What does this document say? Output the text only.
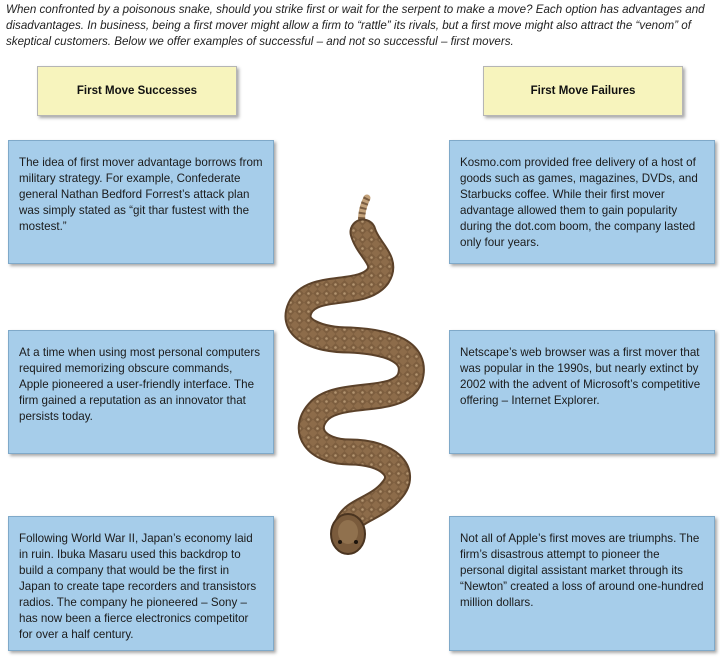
When confronted by a poisonous snake, should you strike first or wait for the serpent to make a move? Each option has advantages and disadvantages. In business, being a first mover might allow a firm to “rattle” its rivals, but a first move might also attract the “venom” of skeptical customers. Below we offer examples of successful – and not so successful – first movers.
First Move Successes	First Move Failures
The idea of first mover advantage borrows from military strategy. For example, Confederate general Nathan Bedford Forrest’s attack plan was simply stated as “git thar fustest with the mostest.”
At a time when using most personal computers required memorizing obscure commands, Apple pioneered a user-friendly interface. The firm gained a reputation as an innovator that persists today.
Following World War II, Japan’s economy laid in ruin. Ibuka Masaru used this backdrop to build a company that would be the first in Japan to create tape recorders and transistors radios. The company he pioneered – Sony – has now been a fierce electronics competitor for over a half century.
Kosmo.com provided free delivery of a host of goods such as games, magazines, DVDs, and Starbucks coffee. While their first mover advantage allowed them to gain popularity during the dot.com boom, the company lasted only four years.
Netscape’s web browser was a first mover that was popular in the 1990s, but nearly extinct by 2002 with the advent of Microsoft’s competitive offering – Internet Explorer.
Not all of Apple’s first moves are triumphs. The firm’s disastrous attempt to pioneer the personal digital assistant market through its “Newton” created a loss of around one-hundred million dollars.
